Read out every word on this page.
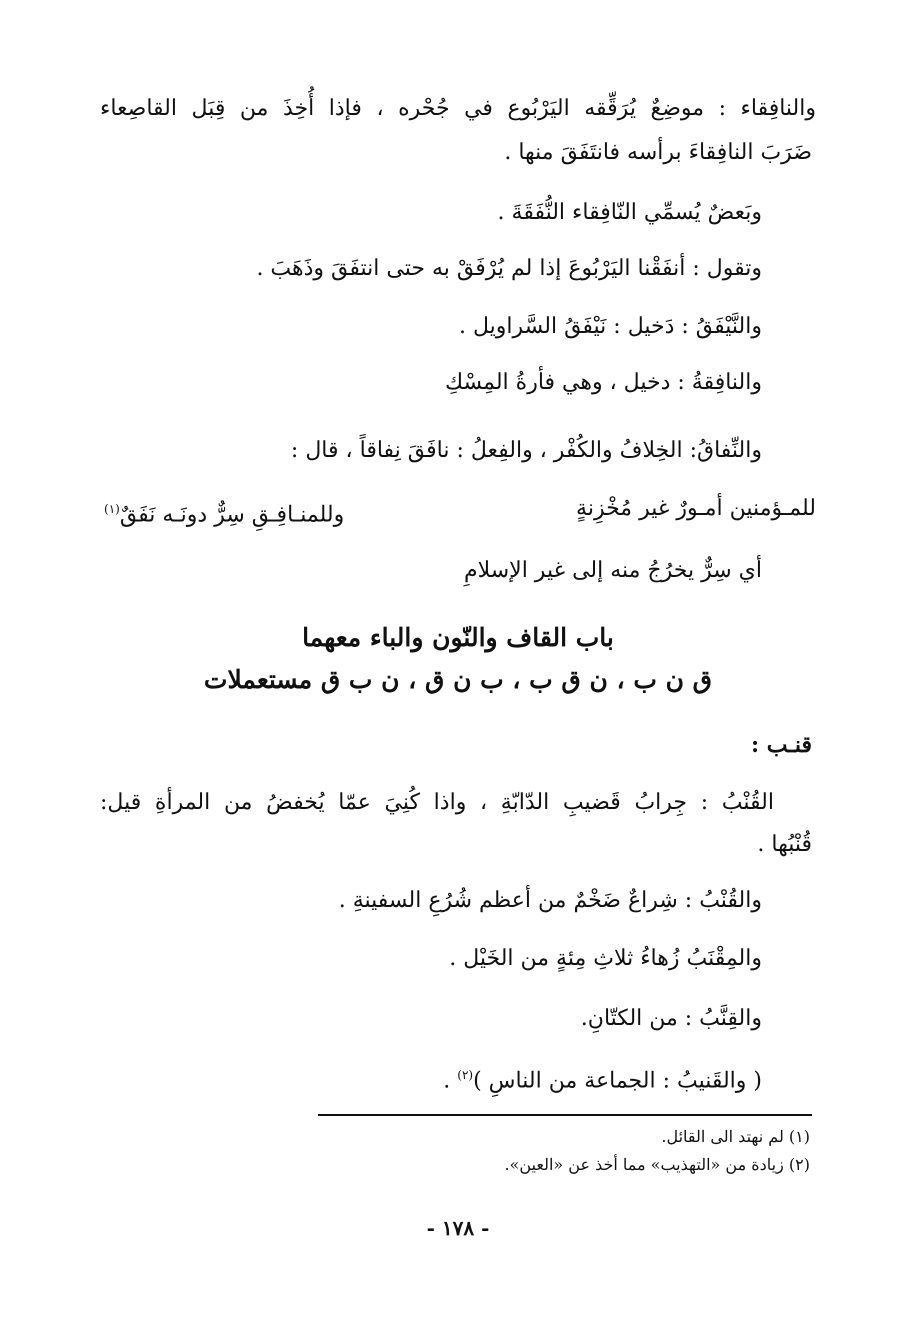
والنافِقاء : موضِعٌ يُرَقِّقه اليَرْبُوع في جُحْره ، فإذا أُخِذَ من قِبَل القاصِعاء
ضَرَبَ النافِقاءَ برأسه فانتَفَقَ منها .
وبَعضٌ يُسمِّي النّافِقاء النُّفَقَةَ .
وتقول : أنفَقْنا اليَرْبُوعَ إذا لم يُرْفَقْ به حتى انتفَقَ وذَهَبَ .
والنَّيْفَقُ : دَخيل : نَيْفَقُ السَّراويل .
والنافِقةُ : دخيل ، وهي فأرةُ المِسْكِ
والنِّفاقُ: الخِلافُ والكُفْر ، والفِعلُ : نافَقَ نِفاقاً ، قال :
للمـؤمنين أمـورٌ غير مُخْزِنةٍ
وللمنـافِـقِ سِرٌّ دونَـه نَفَقٌ$^{(١)}$
أي سِرٌّ يخرُجُ منه إلى غير الإسلامِ
باب القاف والنّون والباء معهما
ق ن ب ، ن ق ب ، ب ن ق ، ن ب ق مستعملات
قنـب :
القُنْبُ : جِرابُ قَضيبِ الدّابّةِ ، واذا كُنِيَ عمّا يُخفضُ من المرأةِ قيل:
قُنْبُها .
والقُنْبُ : شِراعٌ ضَخْمٌ من أعظم شُرُعِ السفينةِ .
والمِقْنَبُ زُهاءُ ثلاثِ مِئةٍ من الخَيْل .
والقِنَّبُ : من الكتّانِ.
( والقَنيبُ : الجماعة من الناسِ )$^{(٢)}$ .
(١) لم نهتد الى القائل.
(٢) زيادة من «التهذيب» مما أخذ عن «العين».
- ١٧٨ -
